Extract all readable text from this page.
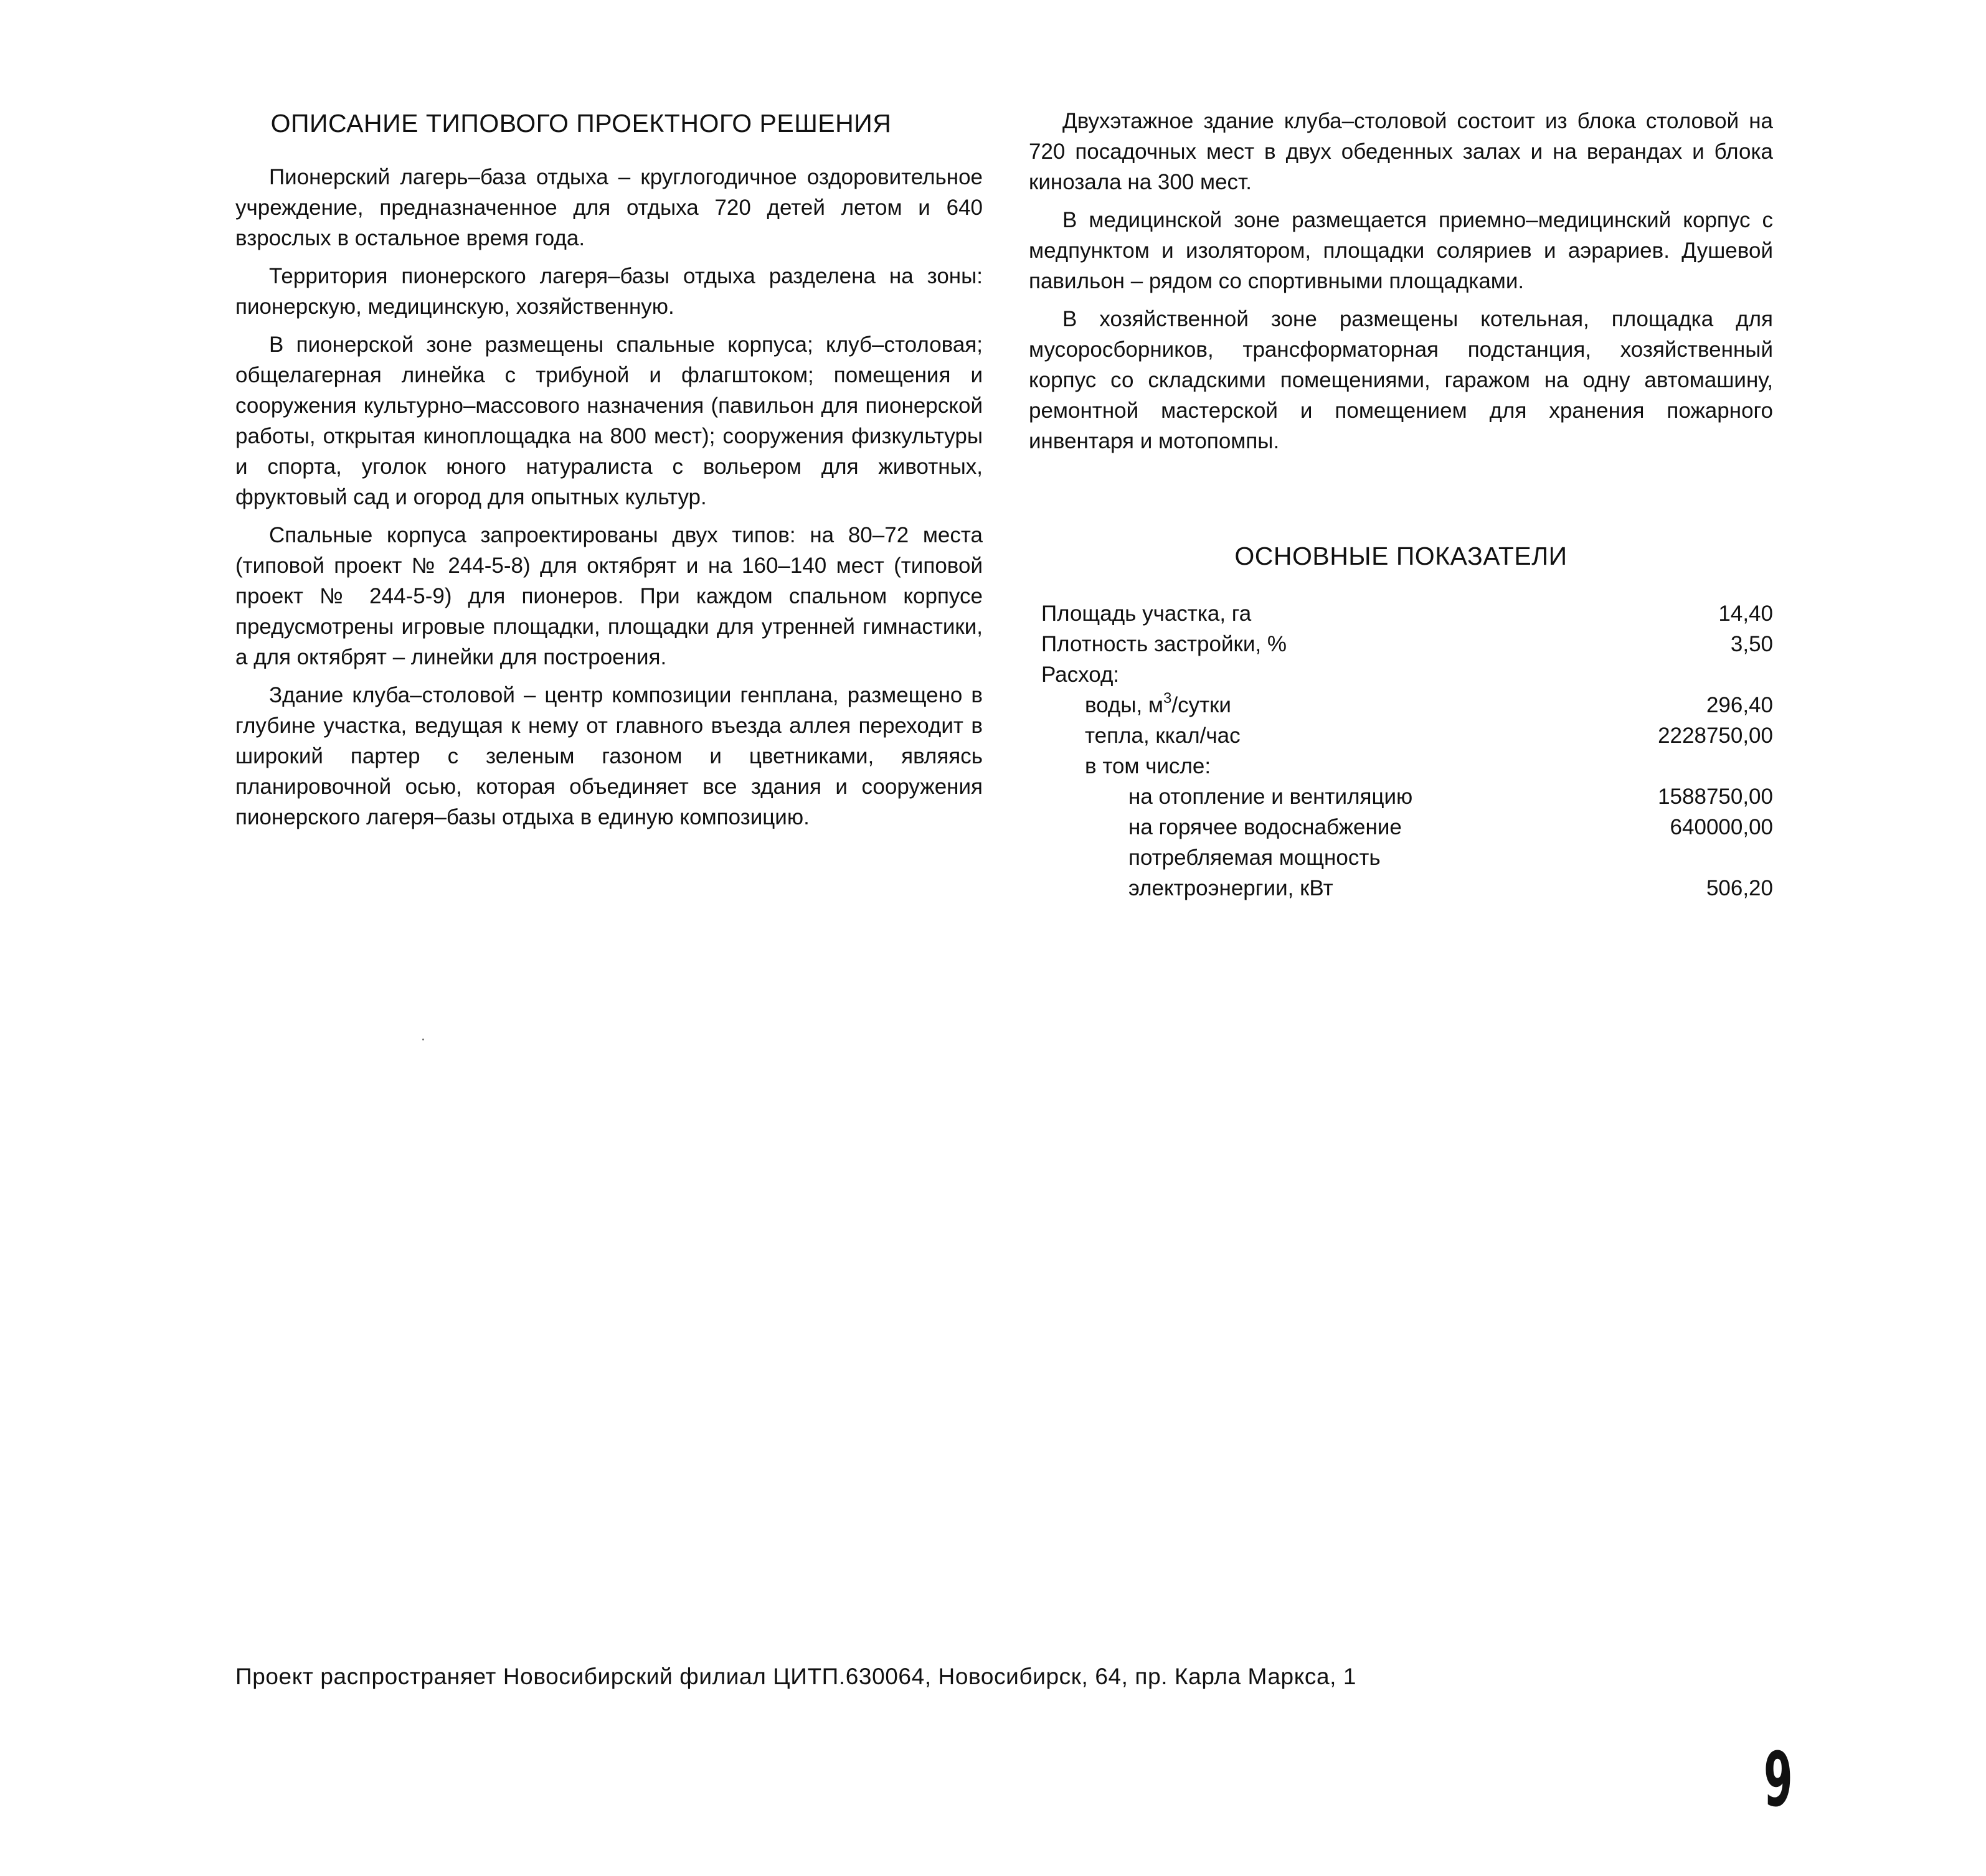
ОПИСАНИЕ ТИПОВОГО ПРОЕКТНОГО РЕШЕНИЯ

Пионерский лагерь–база отдыха – круглогодичное оздоровительное учреждение, предназначенное для отдыха 720 детей летом и 640 взрослых в остальное время года.

Территория пионерского лагеря–базы отдыха разделена на зоны: пионерскую, медицинскую, хозяйственную.

В пионерской зоне размещены спальные корпуса; клуб–столовая; общелагерная линейка с трибуной и флагштоком; помещения и сооружения культурно–массового назначения (павильон для пионерской работы, открытая киноплощадка на 800 мест); сооружения физкультуры и спорта, уголок юного натуралиста с вольером для животных, фруктовый сад и огород для опытных культур.

Спальные корпуса запроектированы двух типов: на 80–72 места (типовой проект № 244-5-8) для октябрят и на 160–140 мест (типовой проект № 244-5-9) для пионеров. При каждом спальном корпусе предусмотрены игровые площадки, площадки для утренней гимнастики, а для октябрят – линейки для построения.

Здание клуба–столовой – центр композиции генплана, размещено в глубине участка, ведущая к нему от главного въезда аллея переходит в широкий партер с зеленым газоном и цветниками, являясь планировочной осью, которая объединяет все здания и сооружения пионерского лагеря–базы отдыха в единую композицию.

Двухэтажное здание клуба–столовой состоит из блока столовой на 720 посадочных мест в двух обеденных залах и на верандах и блока кинозала на 300 мест.

В медицинской зоне размещается приемно–медицинский корпус с медпунктом и изолятором, площадки соляриев и аэрариев. Душевой павильон – рядом со спортивными площадками.

В хозяйственной зоне размещены котельная, площадка для мусоросборников, трансформаторная подстанция, хозяйственный корпус со складскими помещениями, гаражом на одну автомашину, ремонтной мастерской и помещением для хранения пожарного инвентаря и мотопомпы.

ОСНОВНЫЕ ПОКАЗАТЕЛИ
Площадь участка, га	14,40
Плотность застройки, %	3,50
Расход:
воды, $м^3$/сутки	296,40
тепла, ккал/час	2228750,00
в том числе:
на отопление и вентиляцию	1588750,00
на горячее водоснабжение	640000,00
потребляемая мощность
электроэнергии, кВт	506,20
Проект распространяет Новосибирский филиал ЦИТП.630064, Новосибирск, 64, пр. Карла Маркса, 1
9
